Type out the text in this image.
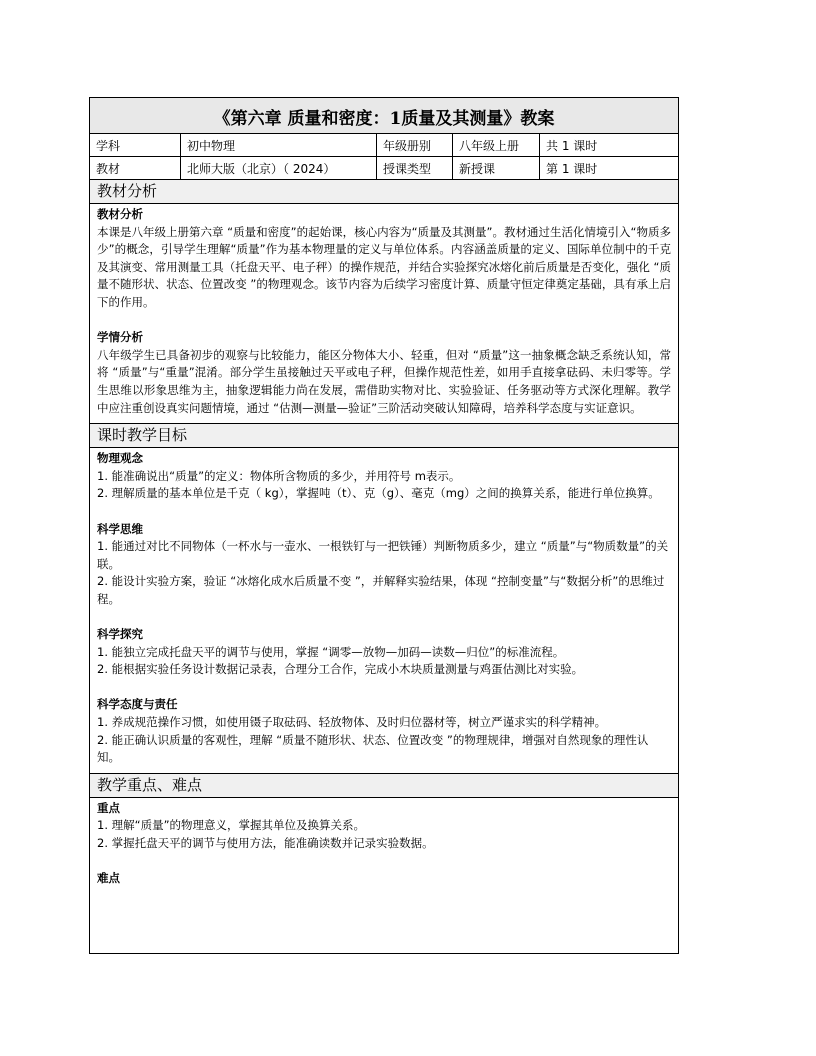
《第六章 质量和密度：1质量及其测量》教案
学科	初中物理	年级册别	八年级上册	共 1 课时
教材	北师大版（北京）（ 2024）	授课类型	新授课	第 1 课时
教材分析
教材分析
本课是八年级上册第六章 “质量和密度”的起始课，核心内容为“质量及其测量”。教材通过生活化情境引入“物质多少”的概念，引导学生理解“质量”作为基本物理量的定义与单位体系。内容涵盖质量的定义、国际单位制中的千克及其演变、常用测量工具（托盘天平、电子秤）的操作规范，并结合实验探究冰熔化前后质量是否变化，强化 “质量不随形状、状态、位置改变 ”的物理观念。该节内容为后续学习密度计算、质量守恒定律奠定基础，具有承上启下的作用。
学情分析
八年级学生已具备初步的观察与比较能力，能区分物体大小、轻重，但对 “质量”这一抽象概念缺乏系统认知，常将 “质量”与“重量”混淆。部分学生虽接触过天平或电子秤，但操作规范性差，如用手直接拿砝码、未归零等。学生思维以形象思维为主，抽象逻辑能力尚在发展，需借助实物对比、实验验证、任务驱动等方式深化理解。教学中应注重创设真实问题情境，通过 “估测—测量—验证”三阶活动突破认知障碍，培养科学态度与实证意识。
课时教学目标
物理观念
1. 能准确说出“质量”的定义：物体所含物质的多少，并用符号 m表示。
2. 理解质量的基本单位是千克（ kg），掌握吨（t）、克（g）、毫克（mg）之间的换算关系，能进行单位换算。
科学思维
1. 能通过对比不同物体（一杯水与一壶水、一根铁钉与一把铁锤）判断物质多少，建立 “质量”与“物质数量”的关联。
2. 能设计实验方案，验证 “冰熔化成水后质量不变 ”，并解释实验结果，体现 “控制变量”与“数据分析”的思维过程。
科学探究
1. 能独立完成托盘天平的调节与使用，掌握 “调零—放物—加码—读数—归位”的标准流程。
2. 能根据实验任务设计数据记录表，合理分工合作，完成小木块质量测量与鸡蛋估测比对实验。
科学态度与责任
1. 养成规范操作习惯，如使用镊子取砝码、轻放物体、及时归位器材等，树立严谨求实的科学精神。
2. 能正确认识质量的客观性，理解 “质量不随形状、状态、位置改变 ”的物理规律，增强对自然现象的理性认知。
教学重点、难点
重点
1. 理解“质量”的物理意义，掌握其单位及换算关系。
2. 掌握托盘天平的调节与使用方法，能准确读数并记录实验数据。
难点
